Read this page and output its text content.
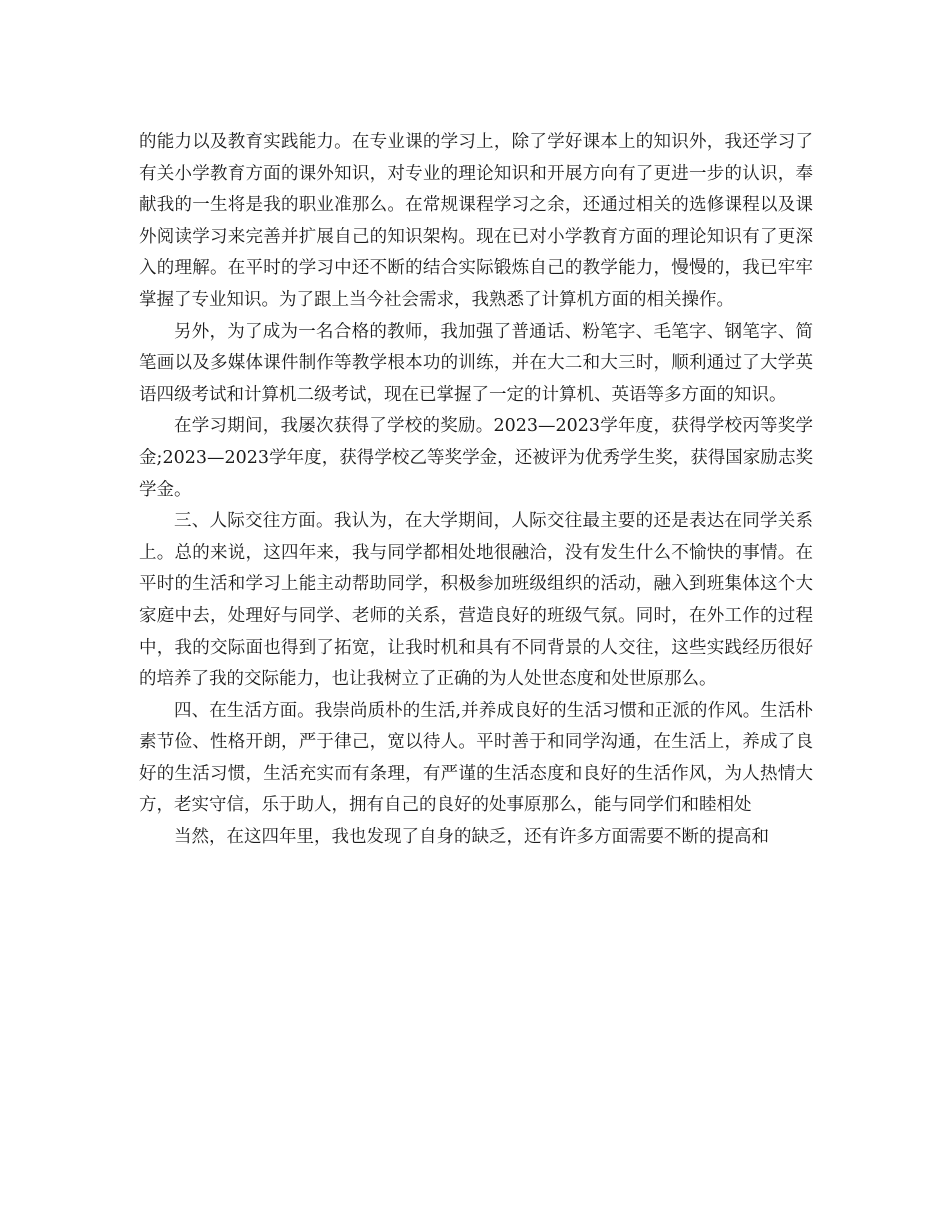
的能力以及教育实践能力。在专业课的学习上，除了学好课本上的知识外，我还学习了有关小学教育方面的课外知识，对专业的理论知识和开展方向有了更进一步的认识，奉献我的一生将是我的职业准那么。在常规课程学习之余，还通过相关的选修课程以及课外阅读学习来完善并扩展自己的知识架构。现在已对小学教育方面的理论知识有了更深入的理解。在平时的学习中还不断的结合实际锻炼自己的教学能力，慢慢的，我已牢牢掌握了专业知识。为了跟上当今社会需求，我熟悉了计算机方面的相关操作。

另外，为了成为一名合格的教师，我加强了普通话、粉笔字、毛笔字、钢笔字、简笔画以及多媒体课件制作等教学根本功的训练，并在大二和大三时，顺利通过了大学英语四级考试和计算机二级考试，现在已掌握了一定的计算机、英语等多方面的知识。

在学习期间，我屡次获得了学校的奖励。2023—2023学年度，获得学校丙等奖学金;2023—2023学年度，获得学校乙等奖学金，还被评为优秀学生奖，获得国家励志奖学金。

三、人际交往方面。我认为，在大学期间，人际交往最主要的还是表达在同学关系上。总的来说，这四年来，我与同学都相处地很融洽，没有发生什么不愉快的事情。在平时的生活和学习上能主动帮助同学，积极参加班级组织的活动，融入到班集体这个大家庭中去，处理好与同学、老师的关系，营造良好的班级气氛。同时，在外工作的过程中，我的交际面也得到了拓宽，让我时机和具有不同背景的人交往，这些实践经历很好的培养了我的交际能力，也让我树立了正确的为人处世态度和处世原那么。

四、在生活方面。我崇尚质朴的生活,并养成良好的生活习惯和正派的作风。生活朴素节俭、性格开朗，严于律己，宽以待人。平时善于和同学沟通，在生活上，养成了良好的生活习惯，生活充实而有条理，有严谨的生活态度和良好的生活作风，为人热情大方，老实守信，乐于助人，拥有自己的良好的处事原那么，能与同学们和睦相处

当然，在这四年里，我也发现了自身的缺乏，还有许多方面需要不断的提高和
